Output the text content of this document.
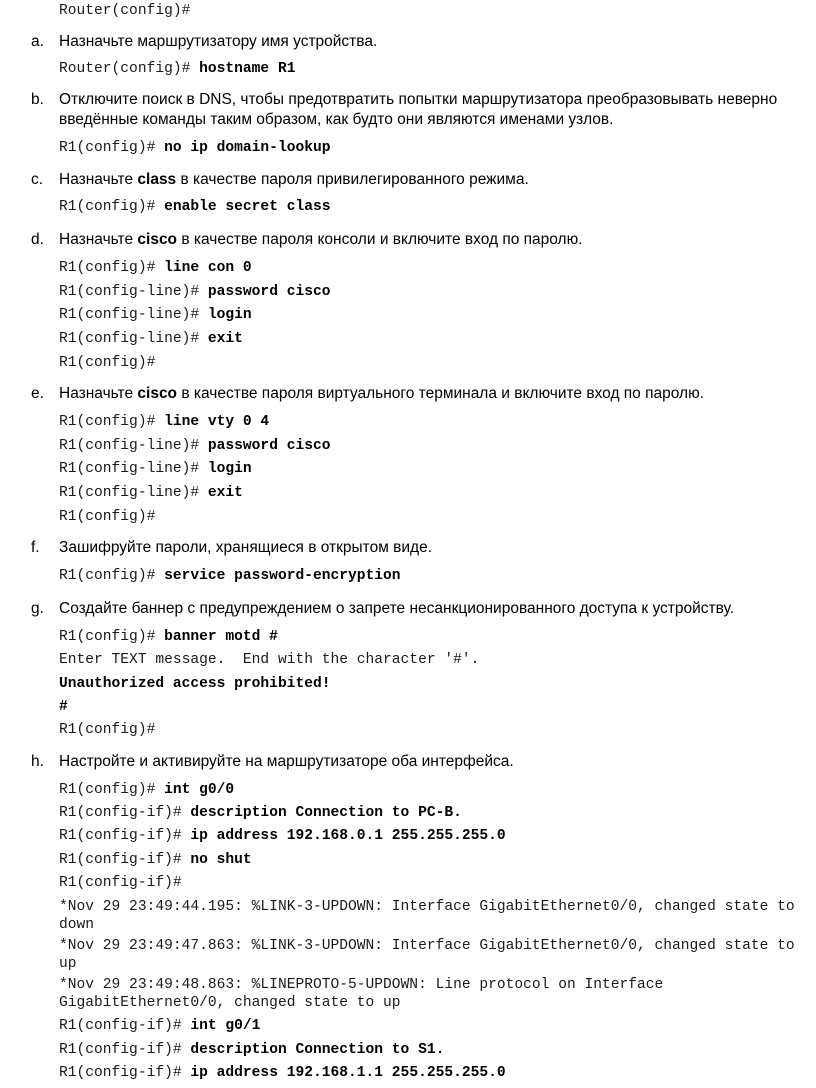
Router(config)#
a. Назначьте маршрутизатору имя устройства.
Router(config)# hostname R1
b. Отключите поиск в DNS, чтобы предотвратить попытки маршрутизатора преобразовывать неверно введённые команды таким образом, как будто они являются именами узлов.
R1(config)# no ip domain-lookup
c. Назначьте class в качестве пароля привилегированного режима.
R1(config)# enable secret class
d. Назначьте cisco в качестве пароля консоли и включите вход по паролю.
R1(config)# line con 0
R1(config-line)# password cisco
R1(config-line)# login
R1(config-line)# exit
R1(config)#
e. Назначьте cisco в качестве пароля виртуального терминала и включите вход по паролю.
R1(config)# line vty 0 4
R1(config-line)# password cisco
R1(config-line)# login
R1(config-line)# exit
R1(config)#
f. Зашифруйте пароли, хранящиеся в открытом виде.
R1(config)# service password-encryption
g. Создайте баннер с предупреждением о запрете несанкционированного доступа к устройству.
R1(config)# banner motd #
Enter TEXT message.  End with the character '#'.
Unauthorized access prohibited!
#
R1(config)#
h. Настройте и активируйте на маршрутизаторе оба интерфейса.
R1(config)# int g0/0
R1(config-if)# description Connection to PC-B.
R1(config-if)# ip address 192.168.0.1 255.255.255.0
R1(config-if)# no shut
R1(config-if)#
*Nov 29 23:49:44.195: %LINK-3-UPDOWN: Interface GigabitEthernet0/0, changed state to down
*Nov 29 23:49:47.863: %LINK-3-UPDOWN: Interface GigabitEthernet0/0, changed state to up
*Nov 29 23:49:48.863: %LINEPROTO-5-UPDOWN: Line protocol on Interface GigabitEthernet0/0, changed state to up
R1(config-if)# int g0/1
R1(config-if)# description Connection to S1.
R1(config-if)# ip address 192.168.1.1 255.255.255.0
